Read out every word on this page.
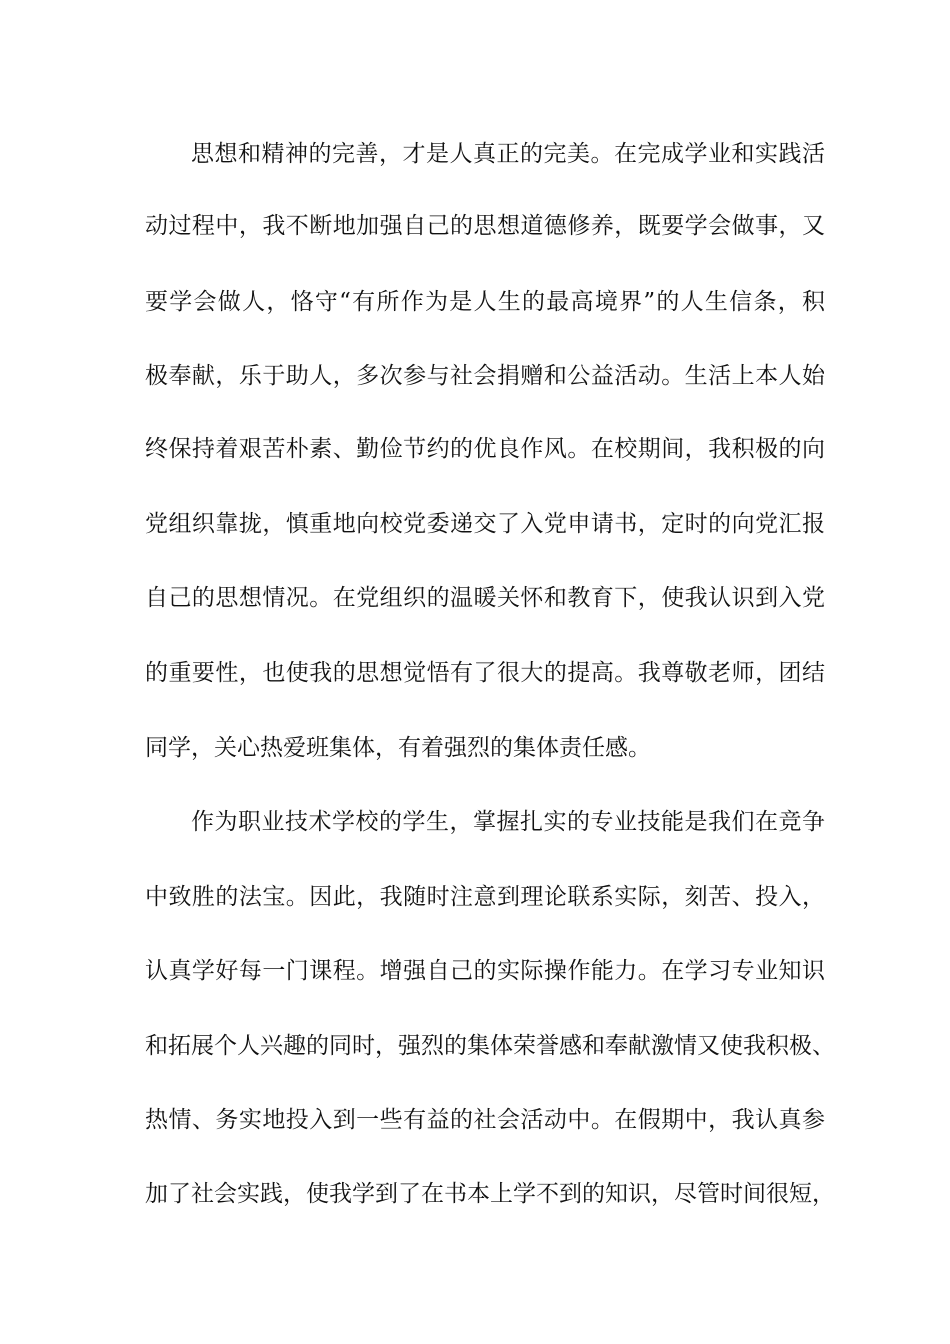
思想和精神的完善，才是人真正的完美。在完成学业和实践活
动过程中，我不断地加强自己的思想道德修养，既要学会做事，又
要学会做人，恪守“有所作为是人生的最高境界”的人生信条，积
极奉献，乐于助人，多次参与社会捐赠和公益活动。生活上本人始
终保持着艰苦朴素、勤俭节约的优良作风。在校期间，我积极的向
党组织靠拢，慎重地向校党委递交了入党申请书，定时的向党汇报
自己的思想情况。在党组织的温暖关怀和教育下，使我认识到入党
的重要性，也使我的思想觉悟有了很大的提高。我尊敬老师，团结
同学，关心热爱班集体，有着强烈的集体责任感。
作为职业技术学校的学生，掌握扎实的专业技能是我们在竞争
中致胜的法宝。因此，我随时注意到理论联系实际，刻苦、投入，
认真学好每一门课程。增强自己的实际操作能力。在学习专业知识
和拓展个人兴趣的同时，强烈的集体荣誉感和奉献激情又使我积极、
热情、务实地投入到一些有益的社会活动中。在假期中，我认真参
加了社会实践，使我学到了在书本上学不到的知识，尽管时间很短，
